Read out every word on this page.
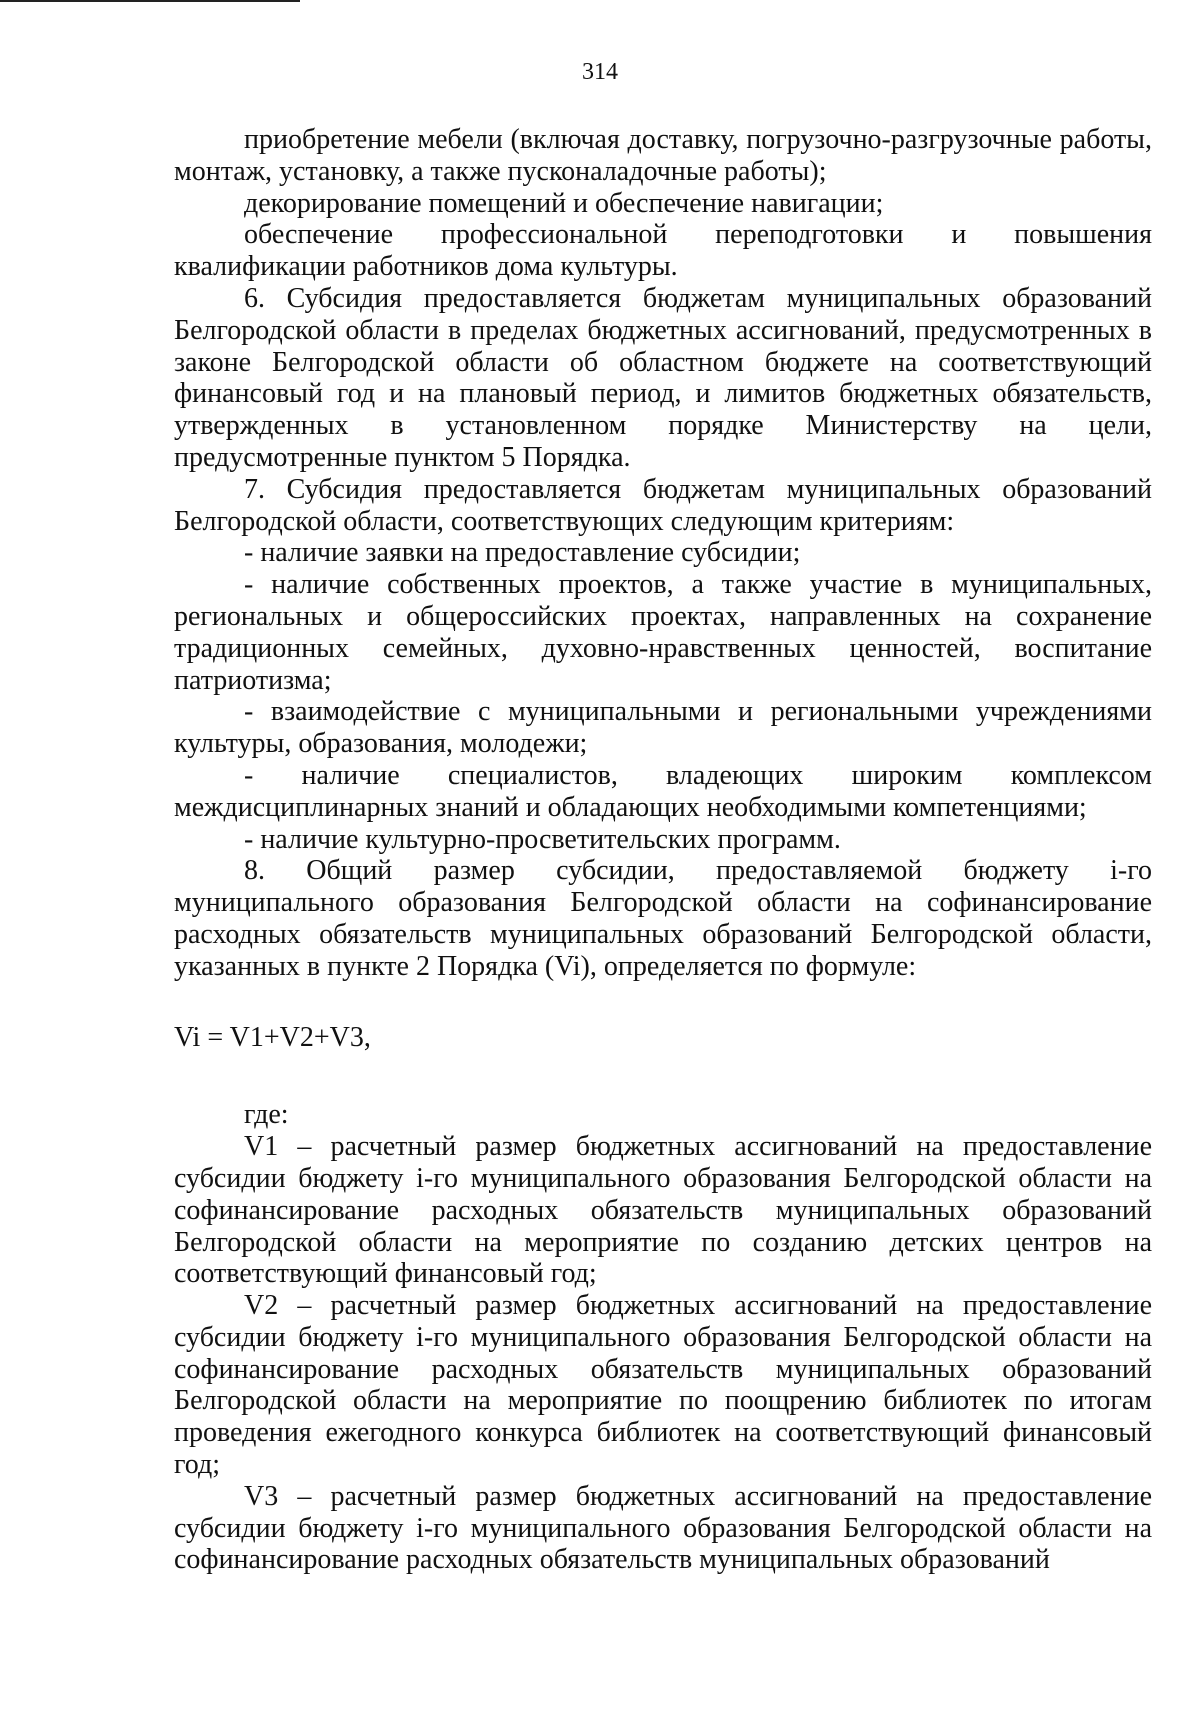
314

приобретение мебели (включая доставку, погрузочно-разгрузочные работы, монтаж, установку, а также пусконаладочные работы);

декорирование помещений и обеспечение навигации;

обеспечение профессиональной переподготовки и повышения квалификации работников дома культуры.

6. Субсидия предоставляется бюджетам муниципальных образований Белгородской области в пределах бюджетных ассигнований, предусмотренных в законе Белгородской области об областном бюджете на соответствующий финансовый год и на плановый период, и лимитов бюджетных обязательств, утвержденных в установленном порядке Министерству на цели, предусмотренные пунктом 5 Порядка.

7. Субсидия предоставляется бюджетам муниципальных образований Белгородской области, соответствующих следующим критериям:

- наличие заявки на предоставление субсидии;

- наличие собственных проектов, а также участие в муниципальных, региональных и общероссийских проектах, направленных на сохранение традиционных семейных, духовно-нравственных ценностей, воспитание патриотизма;

- взаимодействие с муниципальными и региональными учреждениями культуры, образования, молодежи;

- наличие специалистов, владеющих широким комплексом междисциплинарных знаний и обладающих необходимыми компетенциями;

- наличие культурно-просветительских программ.

8. Общий размер субсидии, предоставляемой бюджету i-го муниципального образования Белгородской области на софинансирование расходных обязательств муниципальных образований Белгородской области, указанных в пункте 2 Порядка (Vi), определяется по формуле:

Vi = V1+V2+V3,

где:

V1 – расчетный размер бюджетных ассигнований на предоставление субсидии бюджету i-го муниципального образования Белгородской области на софинансирование расходных обязательств муниципальных образований Белгородской области на мероприятие по созданию детских центров на соответствующий финансовый год;

V2 – расчетный размер бюджетных ассигнований на предоставление субсидии бюджету i-го муниципального образования Белгородской области на софинансирование расходных обязательств муниципальных образований Белгородской области на мероприятие по поощрению библиотек по итогам проведения ежегодного конкурса библиотек на соответствующий финансовый год;

V3 – расчетный размер бюджетных ассигнований на предоставление субсидии бюджету i-го муниципального образования Белгородской области на софинансирование расходных обязательств муниципальных образований
